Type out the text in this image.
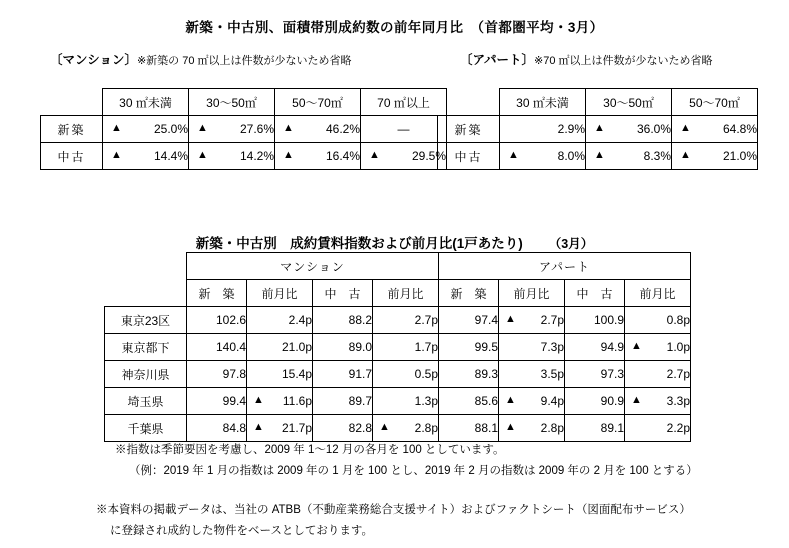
新築・中古別、面積帯別成約数の前年同月比　（首都圏平均・3月）
〔マンション〕※新築の 70 ㎡以上は件数が少ないため省略	〔アパート〕※70 ㎡以上は件数が少ないため省略
	30 ㎡未満	30～50㎡	50～70㎡	70 ㎡以上
新築	▲ 25.0%	▲ 27.6%	▲ 46.2%	—
中古	▲ 14.4%	▲ 14.2%	▲ 16.4%	▲ 29.5%
	30 ㎡未満	30～50㎡	50～70㎡
新築	2.9%	▲ 36.0%	▲ 64.8%
中古	▲ 8.0%	▲ 8.3%	▲ 21.0%
新築・中古別　成約賃料指数および前月比(1戸あたり) （3月）
	マンション				アパート			
	新　築	前月比	中　古	前月比	新　築	前月比	中　古	前月比
東京23区	102.6	2.4p	88.2	2.7p	97.4	▲ 2.7p	100.9	0.8p
東京都下	140.4	21.0p	89.0	1.7p	99.5	7.3p	94.9	▲ 1.0p
神奈川県	97.8	15.4p	91.7	0.5p	89.3	3.5p	97.3	2.7p
埼玉県	99.4	▲ 11.6p	89.7	1.3p	85.6	▲ 9.4p	90.9	▲ 3.3p
千葉県	84.8	▲ 21.7p	82.8	▲ 2.8p	88.1	▲ 2.8p	89.1	2.2p
※指数は季節要因を考慮し、2009 年 1～12 月の各月を 100 としています。
（例：2019 年 1 月の指数は 2009 年の 1 月を 100 とし、2019 年 2 月の指数は 2009 年の 2 月を 100 とする）
※本資料の掲載データは、当社の ATBB（不動産業務総合支援サイト）およびファクトシート（図面配布サービス）
に登録され成約した物件をベースとしております。
